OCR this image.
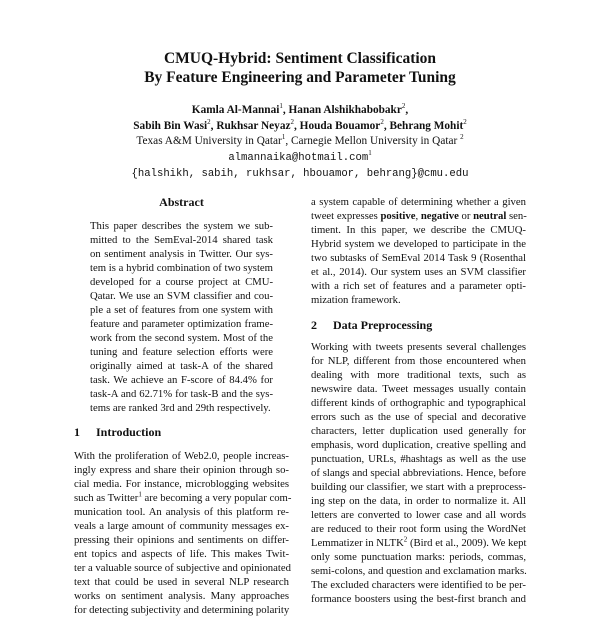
CMUQ-Hybrid: Sentiment Classification
By Feature Engineering and Parameter Tuning
Kamla Al-Mannai$^1$, Hanan Alshikhabobakr$^2$,
Sabih Bin Wasi$^2$, Rukhsar Neyaz$^2$, Houda Bouamor$^2$, Behrang Mohit$^2$
Texas A&M University in Qatar$^1$, Carnegie Mellon University in Qatar $^2$
almannaika@hotmail.com$^1$
{halshikh, sabih, rukhsar, hbouamor, behrang}@cmu.edu
Abstract
This paper describes the system we sub-
mitted to the SemEval-2014 shared task
on sentiment analysis in Twitter. Our sys-
tem is a hybrid combination of two system
developed for a course project at CMU-
Qatar. We use an SVM classifier and cou-
ple a set of features from one system with
feature and parameter optimization frame-
work from the second system. Most of the
tuning and feature selection efforts were
originally aimed at task-A of the shared
task. We achieve an F-score of 84.4% for
task-A and 62.71% for task-B and the sys-
tems are ranked 3rd and 29th respectively.
1 Introduction
With the proliferation of Web2.0, people increas-
ingly express and share their opinion through so-
cial media. For instance, microblogging websites
such as Twitter$^1$ are becoming a very popular com-
munication tool. An analysis of this platform re-
veals a large amount of community messages ex-
pressing their opinions and sentiments on differ-
ent topics and aspects of life. This makes Twit-
ter a valuable source of subjective and opinionated
text that could be used in several NLP research
works on sentiment analysis. Many approaches
for detecting subjectivity and determining polarity
a system capable of determining whether a given
tweet expresses positive, negative or neutral sen-
timent. In this paper, we describe the CMUQ-
Hybrid system we developed to participate in the
two subtasks of SemEval 2014 Task 9 (Rosenthal
et al., 2014). Our system uses an SVM classifier
with a rich set of features and a parameter opti-
mization framework.
2 Data Preprocessing
Working with tweets presents several challenges
for NLP, different from those encountered when
dealing with more traditional texts, such as
newswire data. Tweet messages usually contain
different kinds of orthographic and typographical
errors such as the use of special and decorative
characters, letter duplication used generally for
emphasis, word duplication, creative spelling and
punctuation, URLs, #hashtags as well as the use
of slangs and special abbreviations. Hence, before
building our classifier, we start with a preprocess-
ing step on the data, in order to normalize it. All
letters are converted to lower case and all words
are reduced to their root form using the WordNet
Lemmatizer in NLTK$^2$ (Bird et al., 2009). We kept
only some punctuation marks: periods, commas,
semi-colons, and question and exclamation marks.
The excluded characters were identified to be per-
formance boosters using the best-first branch and
